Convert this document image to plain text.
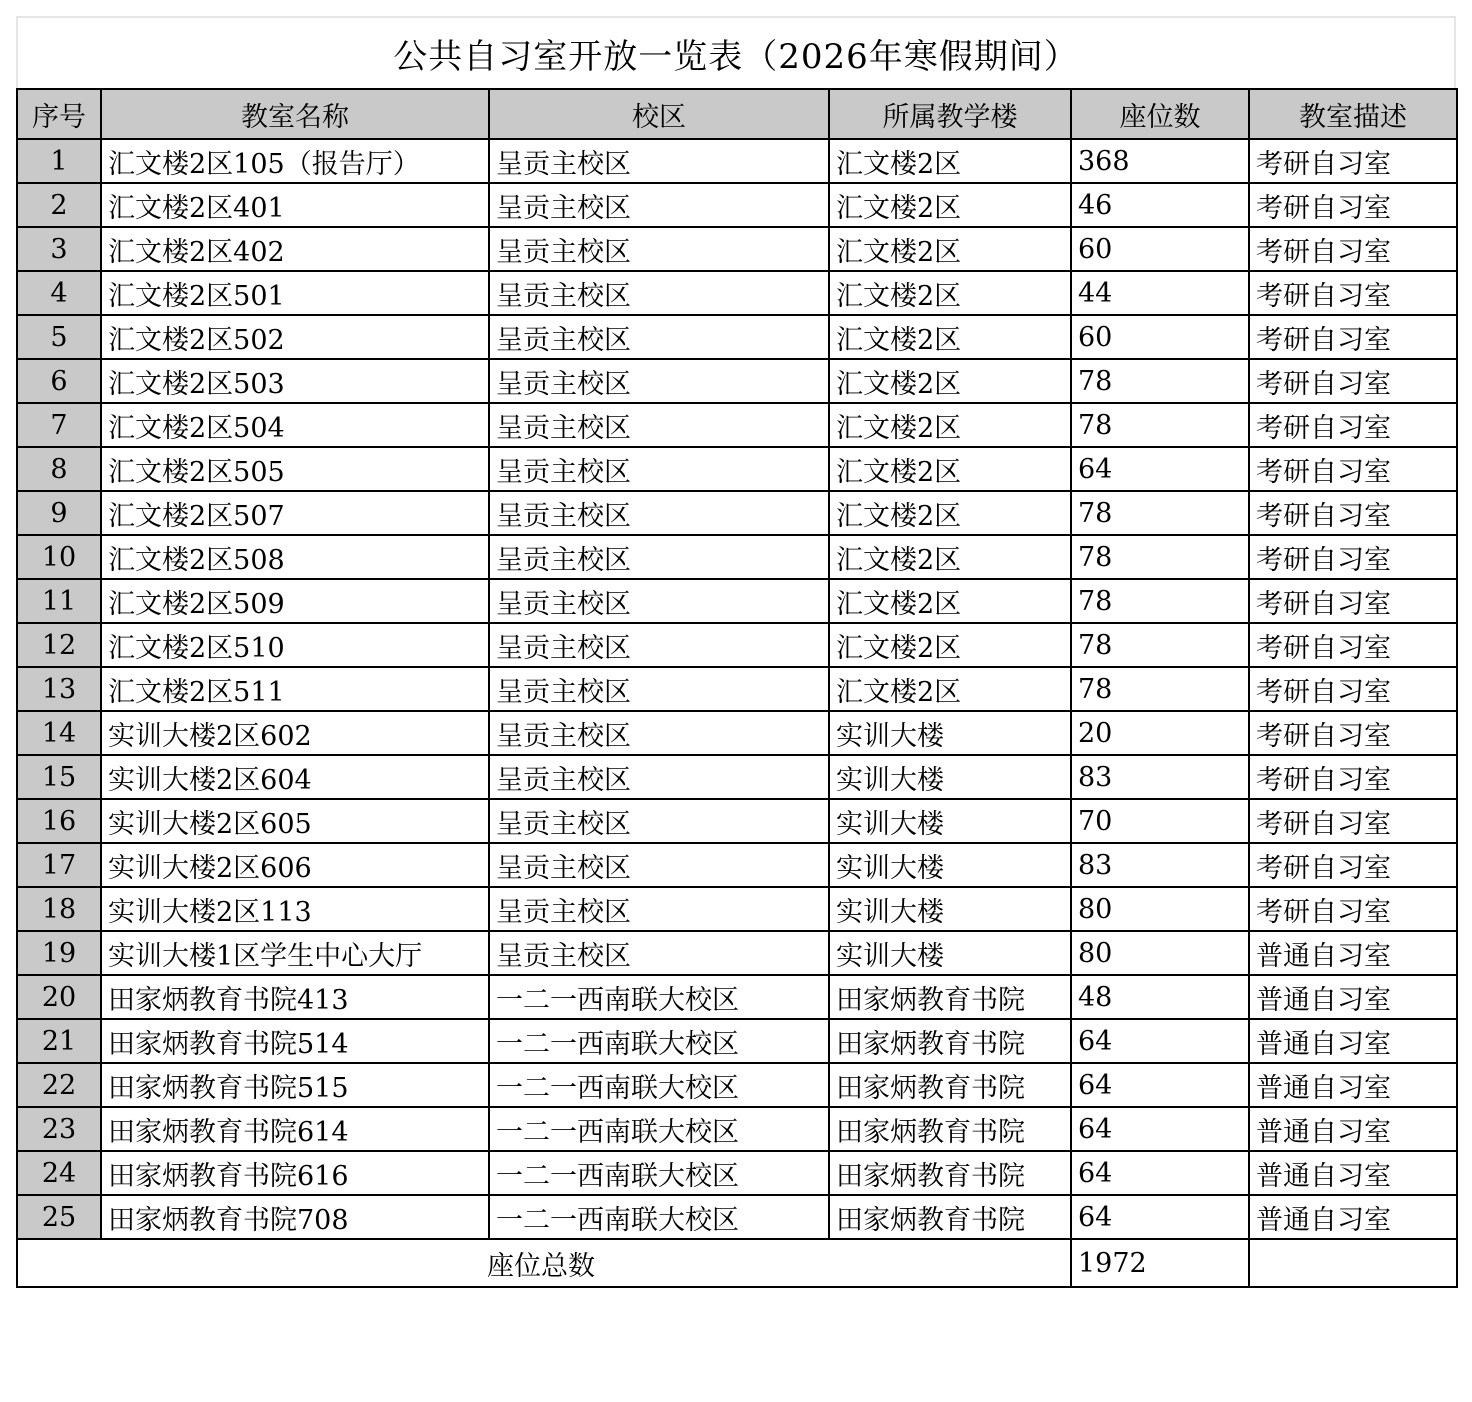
公共自习室开放一览表（2026年寒假期间）
序号	教室名称	校区	所属教学楼	座位数	教室描述
1	汇文楼2区105（报告厅）	呈贡主校区	汇文楼2区	368	考研自习室
2	汇文楼2区401	呈贡主校区	汇文楼2区	46	考研自习室
3	汇文楼2区402	呈贡主校区	汇文楼2区	60	考研自习室
4	汇文楼2区501	呈贡主校区	汇文楼2区	44	考研自习室
5	汇文楼2区502	呈贡主校区	汇文楼2区	60	考研自习室
6	汇文楼2区503	呈贡主校区	汇文楼2区	78	考研自习室
7	汇文楼2区504	呈贡主校区	汇文楼2区	78	考研自习室
8	汇文楼2区505	呈贡主校区	汇文楼2区	64	考研自习室
9	汇文楼2区507	呈贡主校区	汇文楼2区	78	考研自习室
10	汇文楼2区508	呈贡主校区	汇文楼2区	78	考研自习室
11	汇文楼2区509	呈贡主校区	汇文楼2区	78	考研自习室
12	汇文楼2区510	呈贡主校区	汇文楼2区	78	考研自习室
13	汇文楼2区511	呈贡主校区	汇文楼2区	78	考研自习室
14	实训大楼2区602	呈贡主校区	实训大楼	20	考研自习室
15	实训大楼2区604	呈贡主校区	实训大楼	83	考研自习室
16	实训大楼2区605	呈贡主校区	实训大楼	70	考研自习室
17	实训大楼2区606	呈贡主校区	实训大楼	83	考研自习室
18	实训大楼2区113	呈贡主校区	实训大楼	80	考研自习室
19	实训大楼1区学生中心大厅	呈贡主校区	实训大楼	80	普通自习室
20	田家炳教育书院413	一二一西南联大校区	田家炳教育书院	48	普通自习室
21	田家炳教育书院514	一二一西南联大校区	田家炳教育书院	64	普通自习室
22	田家炳教育书院515	一二一西南联大校区	田家炳教育书院	64	普通自习室
23	田家炳教育书院614	一二一西南联大校区	田家炳教育书院	64	普通自习室
24	田家炳教育书院616	一二一西南联大校区	田家炳教育书院	64	普通自习室
25	田家炳教育书院708	一二一西南联大校区	田家炳教育书院	64	普通自习室
座位总数				1972	
